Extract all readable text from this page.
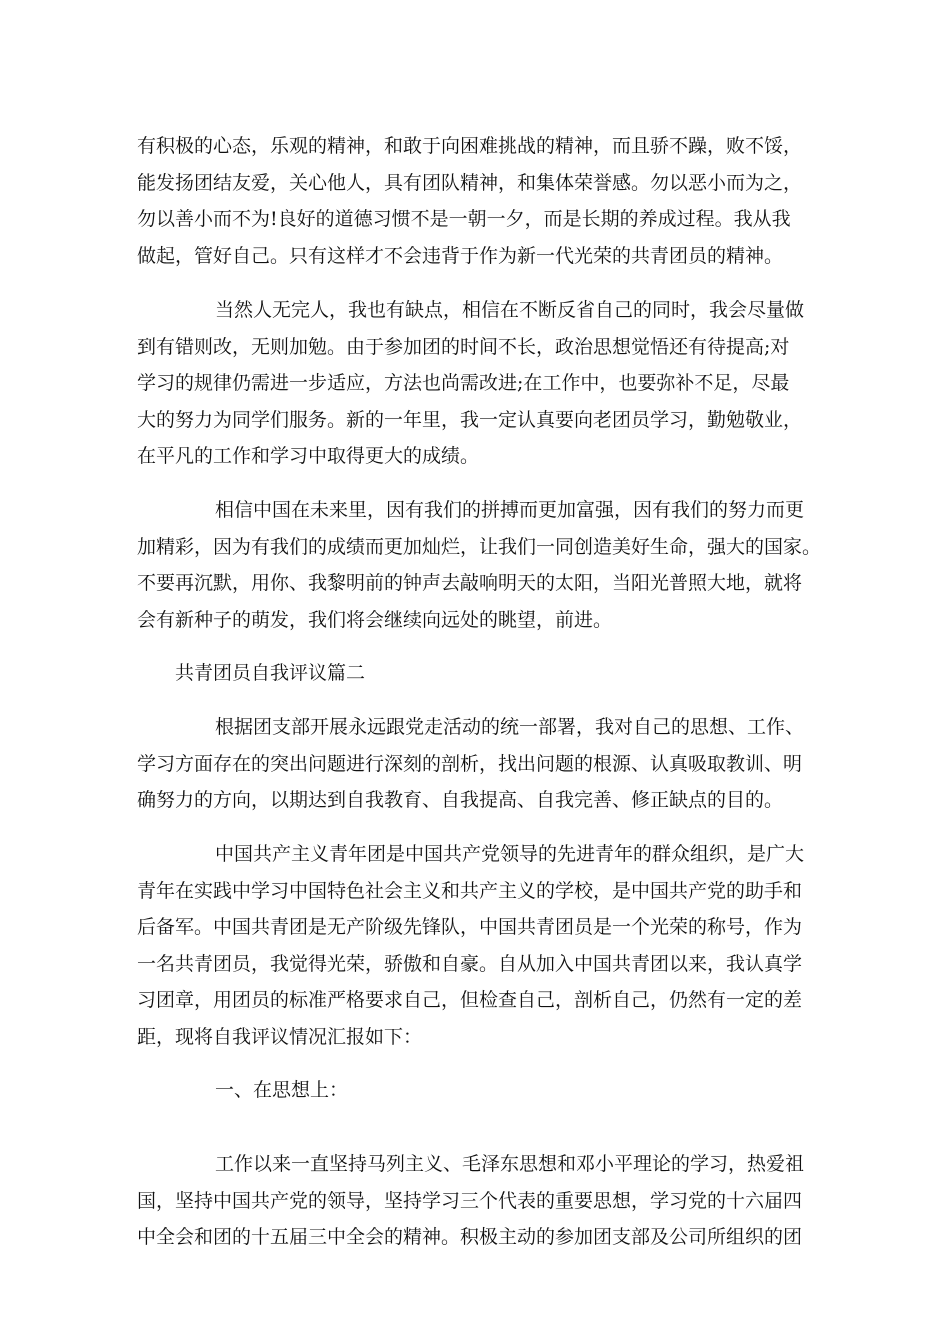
有积极的心态，乐观的精神，和敢于向困难挑战的精神，而且骄不躁，败不馁，
能发扬团结友爱，关心他人，具有团队精神，和集体荣誉感。勿以恶小而为之，
勿以善小而不为!良好的道德习惯不是一朝一夕，而是长期的养成过程。我从我
做起，管好自己。只有这样才不会违背于作为新一代光荣的共青团员的精神。
当然人无完人，我也有缺点，相信在不断反省自己的同时，我会尽量做
到有错则改，无则加勉。由于参加团的时间不长，政治思想觉悟还有待提高;对
学习的规律仍需进一步适应，方法也尚需改进;在工作中，也要弥补不足，尽最
大的努力为同学们服务。新的一年里，我一定认真要向老团员学习，勤勉敬业，
在平凡的工作和学习中取得更大的成绩。
相信中国在未来里，因有我们的拼搏而更加富强，因有我们的努力而更
加精彩，因为有我们的成绩而更加灿烂，让我们一同创造美好生命，强大的国家。
不要再沉默，用你、我黎明前的钟声去敲响明天的太阳，当阳光普照大地，就将
会有新种子的萌发，我们将会继续向远处的眺望，前进。
共青团员自我评议篇二
根据团支部开展永远跟党走活动的统一部署，我对自己的思想、工作、
学习方面存在的突出问题进行深刻的剖析，找出问题的根源、认真吸取教训、明
确努力的方向，以期达到自我教育、自我提高、自我完善、修正缺点的目的。
中国共产主义青年团是中国共产党领导的先进青年的群众组织，是广大
青年在实践中学习中国特色社会主义和共产主义的学校，是中国共产党的助手和
后备军。中国共青团是无产阶级先锋队，中国共青团员是一个光荣的称号，作为
一名共青团员，我觉得光荣，骄傲和自豪。自从加入中国共青团以来，我认真学
习团章，用团员的标准严格要求自己，但检查自己，剖析自己，仍然有一定的差
距，现将自我评议情况汇报如下：
一、在思想上：
工作以来一直坚持马列主义、毛泽东思想和邓小平理论的学习，热爱祖
国，坚持中国共产党的领导，坚持学习三个代表的重要思想，学习党的十六届四
中全会和团的十五届三中全会的精神。积极主动的参加团支部及公司所组织的团
